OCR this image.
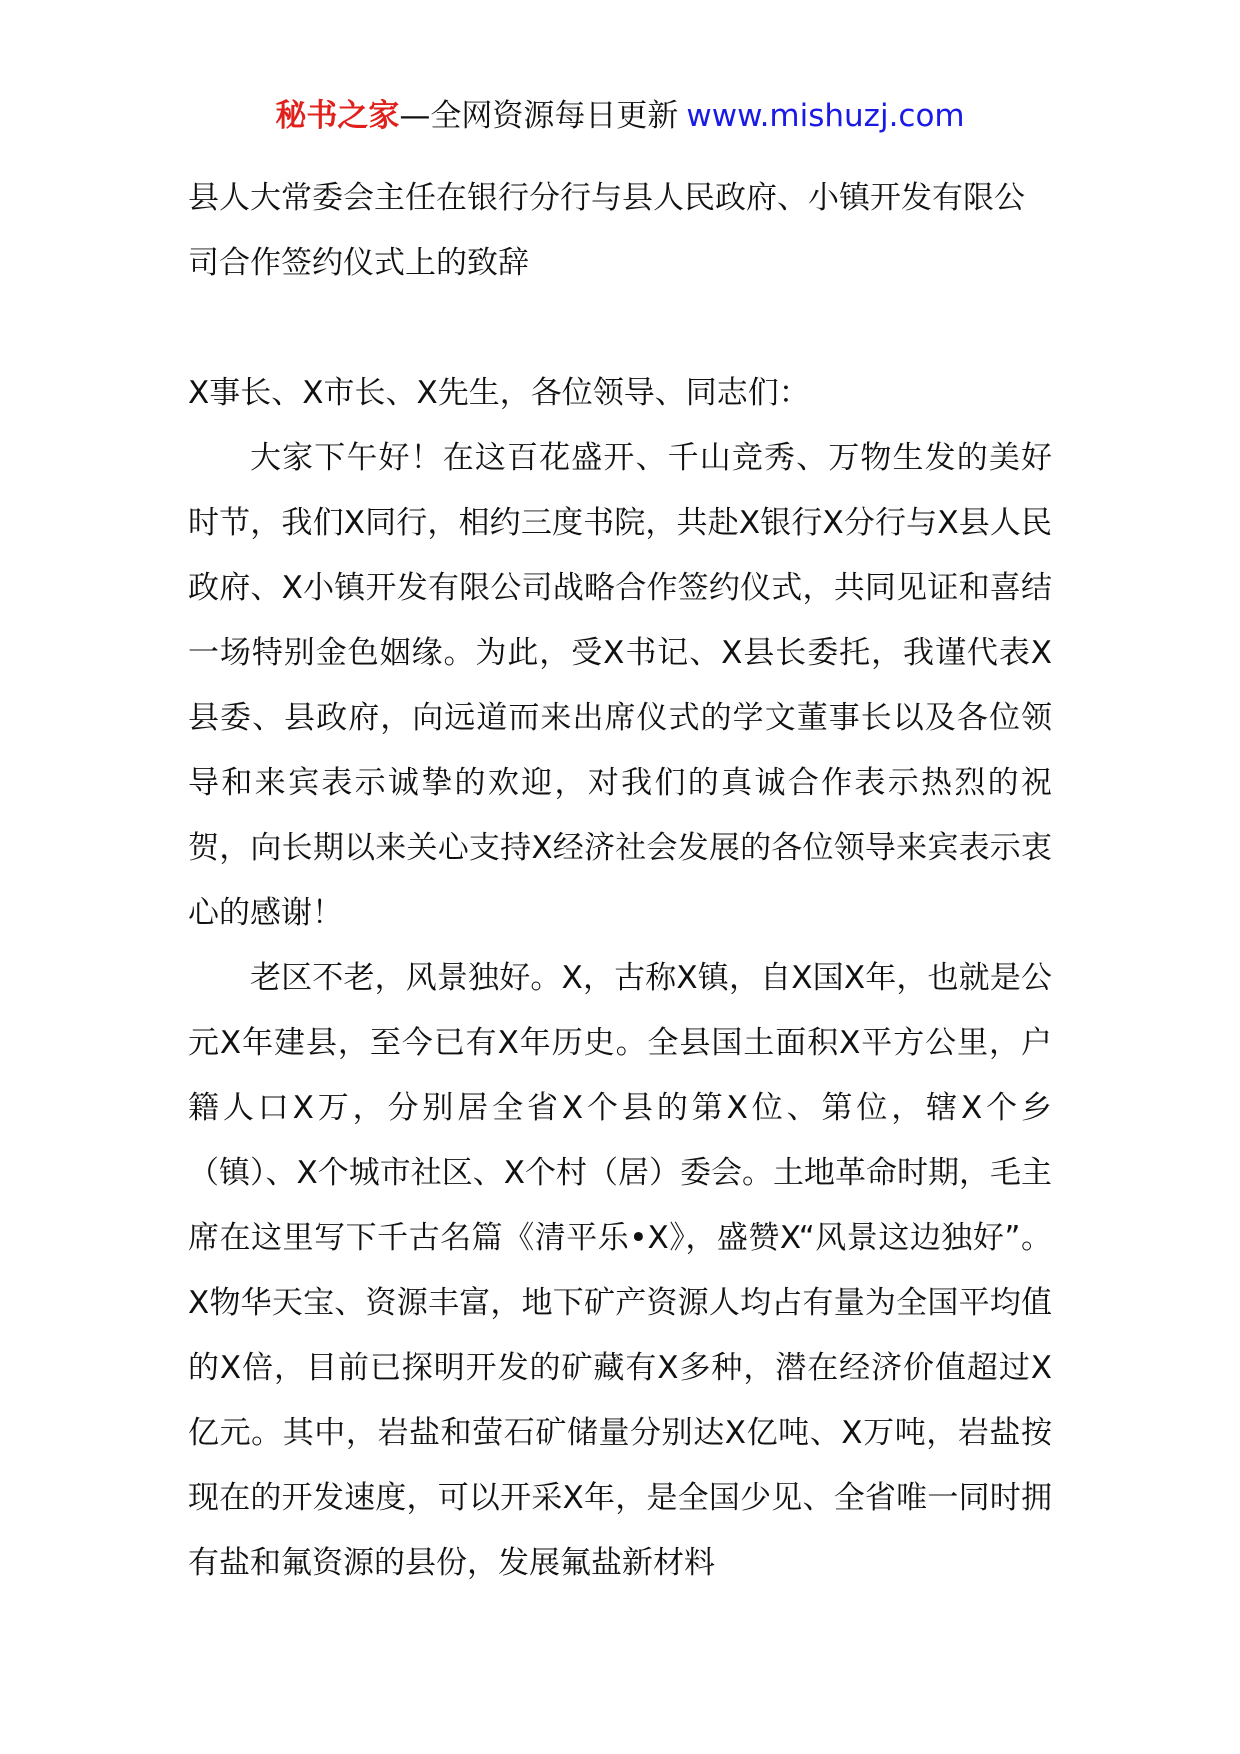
秘书之家—全网资源每日更新 www.mishuzj.com
县人大常委会主任在银行分行与县人民政府、小镇开发有限公司合作签约仪式上的致辞

X事长、X市长、X先生，各位领导、同志们：

大家下午好！在这百花盛开、千山竞秀、万物生发的美好时节，我们X同行，相约三度书院，共赴X银行X分行与X县人民政府、X小镇开发有限公司战略合作签约仪式，共同见证和喜结一场特别金色姻缘。为此，受X书记、X县长委托，我谨代表X县委、县政府，向远道而来出席仪式的学文董事长以及各位领导和来宾表示诚挚的欢迎，对我们的真诚合作表示热烈的祝贺，向长期以来关心支持X经济社会发展的各位领导来宾表示衷心的感谢！

老区不老，风景独好。X，古称X镇，自X国X年，也就是公元X年建县，至今已有X年历史。全县国土面积X平方公里，户籍人口X万，分别居全省X个县的第X位、第位，辖X个乡（镇）、X个城市社区、X个村（居）委会。土地革命时期，毛主席在这里写下千古名篇《清平乐•X》，盛赞X“风景这边独好”。X物华天宝、资源丰富，地下矿产资源人均占有量为全国平均值的X倍，目前已探明开发的矿藏有X多种，潜在经济价值超过X亿元。其中，岩盐和萤石矿储量分别达X亿吨、X万吨，岩盐按现在的开发速度，可以开采X年，是全国少见、全省唯一同时拥有盐和氟资源的县份，发展氟盐新材料
